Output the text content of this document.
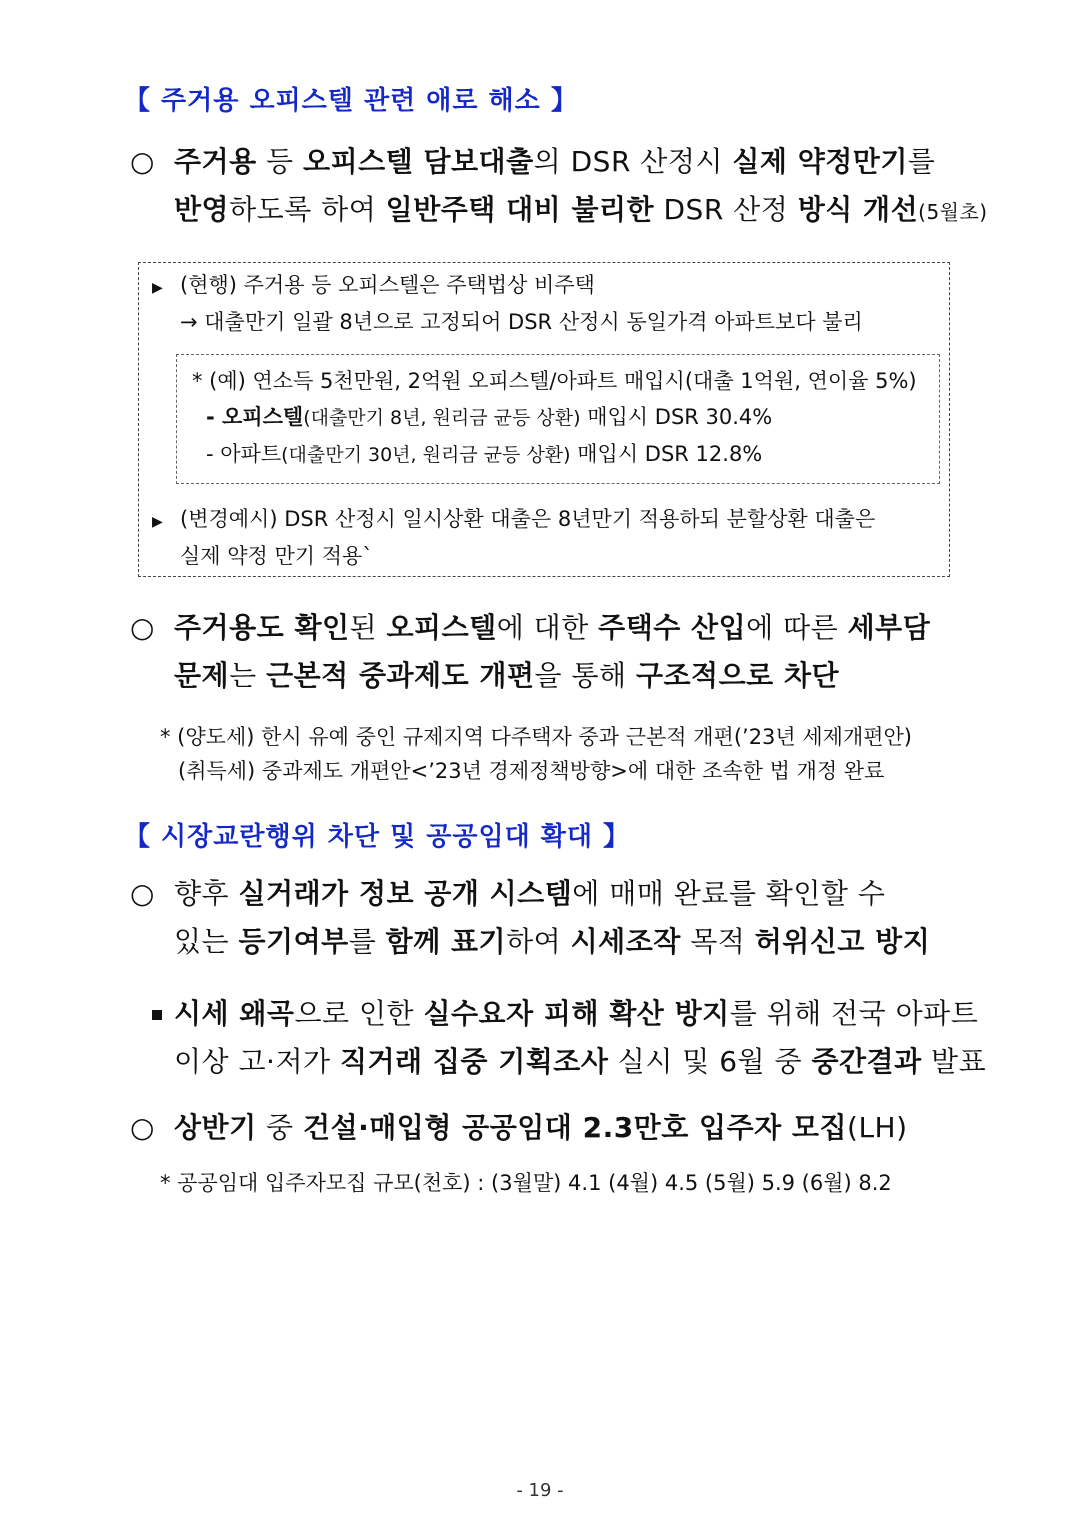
【 주거용 오피스텔 관련 애로 해소 】
○ 주거용 등 오피스텔 담보대출의 DSR 산정시 실제 약정만기를
반영하도록 하여 일반주택 대비 불리한 DSR 산정 방식 개선(5월초)
▶ (현행) 주거용 등 오피스텔은 주택법상 비주택
→ 대출만기 일괄 8년으로 고정되어 DSR 산정시 동일가격 아파트보다 불리
* (예) 연소득 5천만원, 2억원 오피스텔/아파트 매입시(대출 1억원, 연이율 5%)
- 오피스텔(대출만기 8년, 원리금 균등 상환) 매입시 DSR 30.4%
- 아파트(대출만기 30년, 원리금 균등 상환) 매입시 DSR 12.8%
▶ (변경예시) DSR 산정시 일시상환 대출은 8년만기 적용하되 분할상환 대출은
실제 약정 만기 적용`
○ 주거용도 확인된 오피스텔에 대한 주택수 산입에 따른 세부담
문제는 근본적 중과제도 개편을 통해 구조적으로 차단
* (양도세) 한시 유예 중인 규제지역 다주택자 중과 근본적 개편(’23년 세제개편안)
(취득세) 중과제도 개편안<’23년 경제정책방향>에 대한 조속한 법 개정 완료
【 시장교란행위 차단 및 공공임대 확대 】
○ 향후 실거래가 정보 공개 시스템에 매매 완료를 확인할 수
있는 등기여부를 함께 표기하여 시세조작 목적 허위신고 방지
시세 왜곡으로 인한 실수요자 피해 확산 방지를 위해 전국 아파트
이상 고·저가 직거래 집중 기획조사 실시 및 6월 중 중간결과 발표
○ 상반기 중 건설·매입형 공공임대 2.3만호 입주자 모집(LH)
* 공공임대 입주자모집 규모(천호) : (3월말) 4.1 (4월) 4.5 (5월) 5.9 (6월) 8.2
- 19 -
